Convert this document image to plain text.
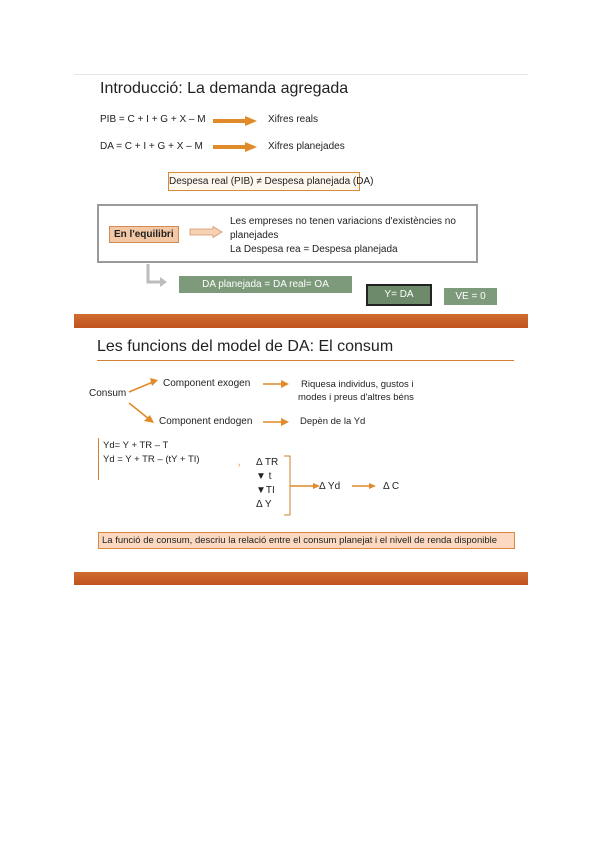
Introducció: La demanda agregada
PIB = C + I + G + X – M	Xifres reals
DA = C + I + G + X – M	Xifres planejades
Despesa real (PIB) ≠ Despesa planejada (DA)
En l'equilibri
Les empreses no tenen variacions d'existències no
planejades
La Despesa rea = Despesa planejada
DA planejada = DA real= OA
Y= DA	VE = 0
Les funcions del model de DA: El consum
Consum
Component exogen	Riquesa individus, gustos i
modes i preus d'altres béns
Component endogen	Depèn de la Yd
Yd= Y + TR – T
Yd = Y + TR – (tY + TI)
› Δ TR
▼ t
▼TI
Δ Y
Δ Yd	Δ C
La funció de consum, descriu la relació entre el consum planejat i el nivell de renda disponible
